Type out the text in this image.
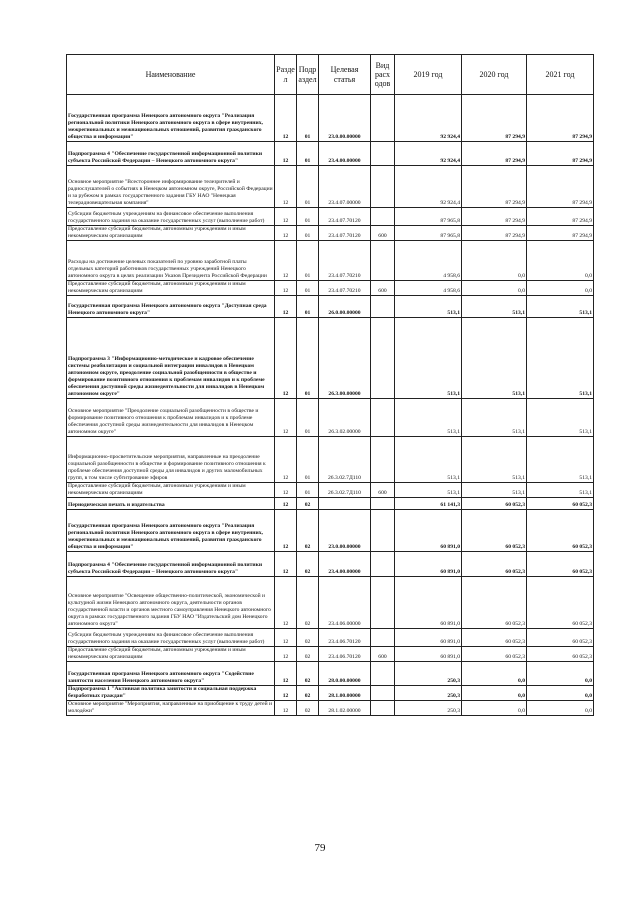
Наименование	Разде л	Подр аздел	Целевая статья	Вид расх одов	2019 год	2020 год	2021 год
Государственная программа Ненецкого автономного округа "Реализация региональной политики Ненецкого автономного округа в сфере внутренних, межрегиональных и межнациональных отношений, развития гражданского общества и информации"	12	01	23.0.00.00000		92 924,4	87 294,9	87 294,9
Подпрограмма 4 "Обеспечение государственной информационной политики субъекта Российской Федерации – Ненецкого автономного округа"	12	01	23.4.00.00000		92 924,4	87 294,9	87 294,9
Основное мероприятие "Всестороннее информирование телезрителей и радиослушателей о событиях в Ненецком автономном округе, Российской Федерации и за рубежом в рамках государственного задания ГБУ НАО "Ненецкая телерадиовещательная компания"	12	01	23.4.07.00000		92 924,4	87 294,9	87 294,9
Субсидии бюджетным учреждениям на финансовое обеспечение выполнения государственного задания на оказание государственных услуг (выполнение работ)	12	01	23.4.07.70120		87 965,8	87 294,9	87 294,9
Предоставление субсидий бюджетным, автономным учреждениям и иным некоммерческим организациям	12	01	23.4.07.70120	600	87 965,8	87 294,9	87 294,9
Расходы на достижение целевых показателей по уровню заработной платы отдельных категорий работников государственных учреждений Ненецкого автономного округа в целях реализации Указов Президента Российской Федерации	12	01	23.4.07.70210		4 958,6	0,0	0,0
Предоставление субсидий бюджетным, автономным учреждениям и иным некоммерческим организациям	12	01	23.4.07.70210	600	4 958,6	0,0	0,0
Государственная программа Ненецкого автономного округа "Доступная среда Ненецкого автономного округа"	12	01	26.0.00.00000		513,1	513,1	513,1
Подпрограмма 3 "Информационно-методическое и кадровое обеспечение системы реабилитации и социальной интеграции инвалидов в Ненецком автономном округе, преодоление социальной разобщенности в обществе и формирование позитивного отношения к проблемам инвалидов и к проблеме обеспечения доступной среды жизнедеятельности для инвалидов в Ненецком автономном округе"	12	01	26.3.00.00000		513,1	513,1	513,1
Основное мероприятие "Преодоление социальной разобщенности в обществе и формирование позитивного отношения к проблемам инвалидов и к проблеме обеспечения доступной среды жизнедеятельности для инвалидов в Ненецком автономном округе"	12	01	26.3.02.00000		513,1	513,1	513,1
Информационно-просветительские мероприятия, направленные на преодоление социальной разобщенности в обществе и формирование позитивного отношения к проблеме обеспечения доступной среды для инвалидов и других маломобильных групп, в том числе субтитрование эфиров	12	01	26.3.02.7Д110		513,1	513,1	513,1
Предоставление субсидий бюджетным, автономным учреждениям и иным некоммерческим организациям	12	01	26.3.02.7Д110	600	513,1	513,1	513,1
Периодическая печать и издательства	12	02			61 141,3	60 052,3	60 052,3
Государственная программа Ненецкого автономного округа "Реализация региональной политики Ненецкого автономного округа в сфере внутренних, межрегиональных и межнациональных отношений, развития гражданского общества и информации"	12	02	23.0.00.00000		60 891,0	60 052,3	60 052,3
Подпрограмма 4 "Обеспечение государственной информационной политики субъекта Российской Федерации – Ненецкого автономного округа"	12	02	23.4.00.00000		60 891,0	60 052,3	60 052,3
Основное мероприятие "Освещение общественно-политической, экономической и культурной жизни Ненецкого автономного округа, деятельности органов государственной власти и органов местного самоуправления Ненецкого автономного округа в рамках государственного задания ГБУ НАО "Издательский дом Ненецкого автономного округа"	12	02	23.4.06.00000		60 891,0	60 052,3	60 052,3
Субсидии бюджетным учреждениям на финансовое обеспечение выполнения государственного задания на оказание государственных услуг (выполнение работ)	12	02	23.4.06.70120		60 891,0	60 052,3	60 052,3
Предоставление субсидий бюджетным, автономным учреждениям и иным некоммерческим организациям	12	02	23.4.06.70120	600	60 891,0	60 052,3	60 052,3
Государственная программа Ненецкого автономного округа "Содействие занятости населения Ненецкого автономного округа"	12	02	28.0.00.00000		250,3	0,0	0,0
Подпрограмма 1 "Активная политика занятости и социальная поддержка безработных граждан"	12	02	28.1.00.00000		250,3	0,0	0,0
Основное мероприятие "Мероприятия, направленные на приобщение к труду детей и молодёжи"	12	02	28.1.02.00000		250,3	0,0	0,0
79
